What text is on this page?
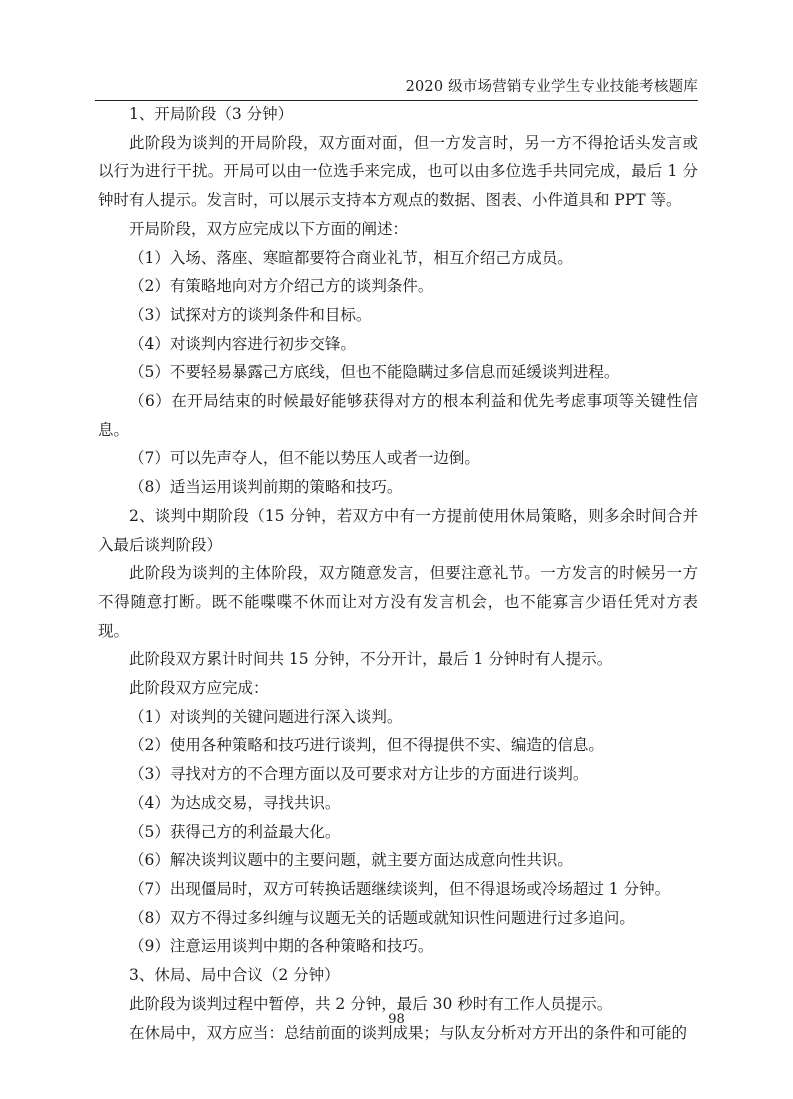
2020 级市场营销专业学生专业技能考核题库

1、开局阶段（3 分钟）

此阶段为谈判的开局阶段，双方面对面，但一方发言时，另一方不得抢话头发言或以行为进行干扰。开局可以由一位选手来完成，也可以由多位选手共同完成，最后 1 分钟时有人提示。发言时，可以展示支持本方观点的数据、图表、小件道具和 PPT 等。

开局阶段，双方应完成以下方面的阐述：

（1）入场、落座、寒暄都要符合商业礼节，相互介绍己方成员。

（2）有策略地向对方介绍己方的谈判条件。

（3）试探对方的谈判条件和目标。

（4）对谈判内容进行初步交锋。

（5）不要轻易暴露己方底线，但也不能隐瞒过多信息而延缓谈判进程。

（6）在开局结束的时候最好能够获得对方的根本利益和优先考虑事项等关键性信息。

（7）可以先声夺人，但不能以势压人或者一边倒。

（8）适当运用谈判前期的策略和技巧。

2、谈判中期阶段（15 分钟，若双方中有一方提前使用休局策略，则多余时间合并入最后谈判阶段）

此阶段为谈判的主体阶段，双方随意发言，但要注意礼节。一方发言的时候另一方不得随意打断。既不能喋喋不休而让对方没有发言机会，也不能寡言少语任凭对方表现。

此阶段双方累计时间共 15 分钟，不分开计，最后 1 分钟时有人提示。

此阶段双方应完成：

（1）对谈判的关键问题进行深入谈判。

（2）使用各种策略和技巧进行谈判，但不得提供不实、编造的信息。

（3）寻找对方的不合理方面以及可要求对方让步的方面进行谈判。

（4）为达成交易，寻找共识。

（5）获得己方的利益最大化。

（6）解决谈判议题中的主要问题，就主要方面达成意向性共识。

（7）出现僵局时，双方可转换话题继续谈判，但不得退场或冷场超过 1 分钟。

（8）双方不得过多纠缠与议题无关的话题或就知识性问题进行过多追问。

（9）注意运用谈判中期的各种策略和技巧。

3、休局、局中合议（2 分钟）

此阶段为谈判过程中暂停，共 2 分钟，最后 30 秒时有工作人员提示。

在休局中，双方应当：总结前面的谈判成果；与队友分析对方开出的条件和可能的

98
